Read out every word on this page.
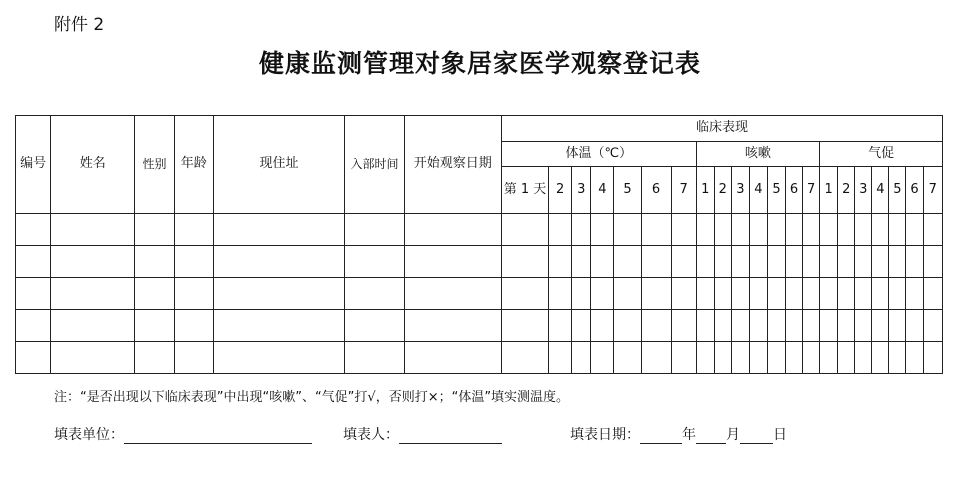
附件 2
健康监测管理对象居家医学观察登记表
编号	姓名	性别	年龄	现住址	入部时间	开始观察日期	临床表现																				
							体温（℃）							咳嗽							气促						
							第 1 天	2	3	4	5	6	7	1	2	3	4	5	6	7	1	2	3	4	5	6	7

注：“是否出现以下临床表现”中出现“咳嗽”、“气促”打√，否则打×；“体温”填实测温度。
填表单位：	填表人：	填表日期：	年 月 日
